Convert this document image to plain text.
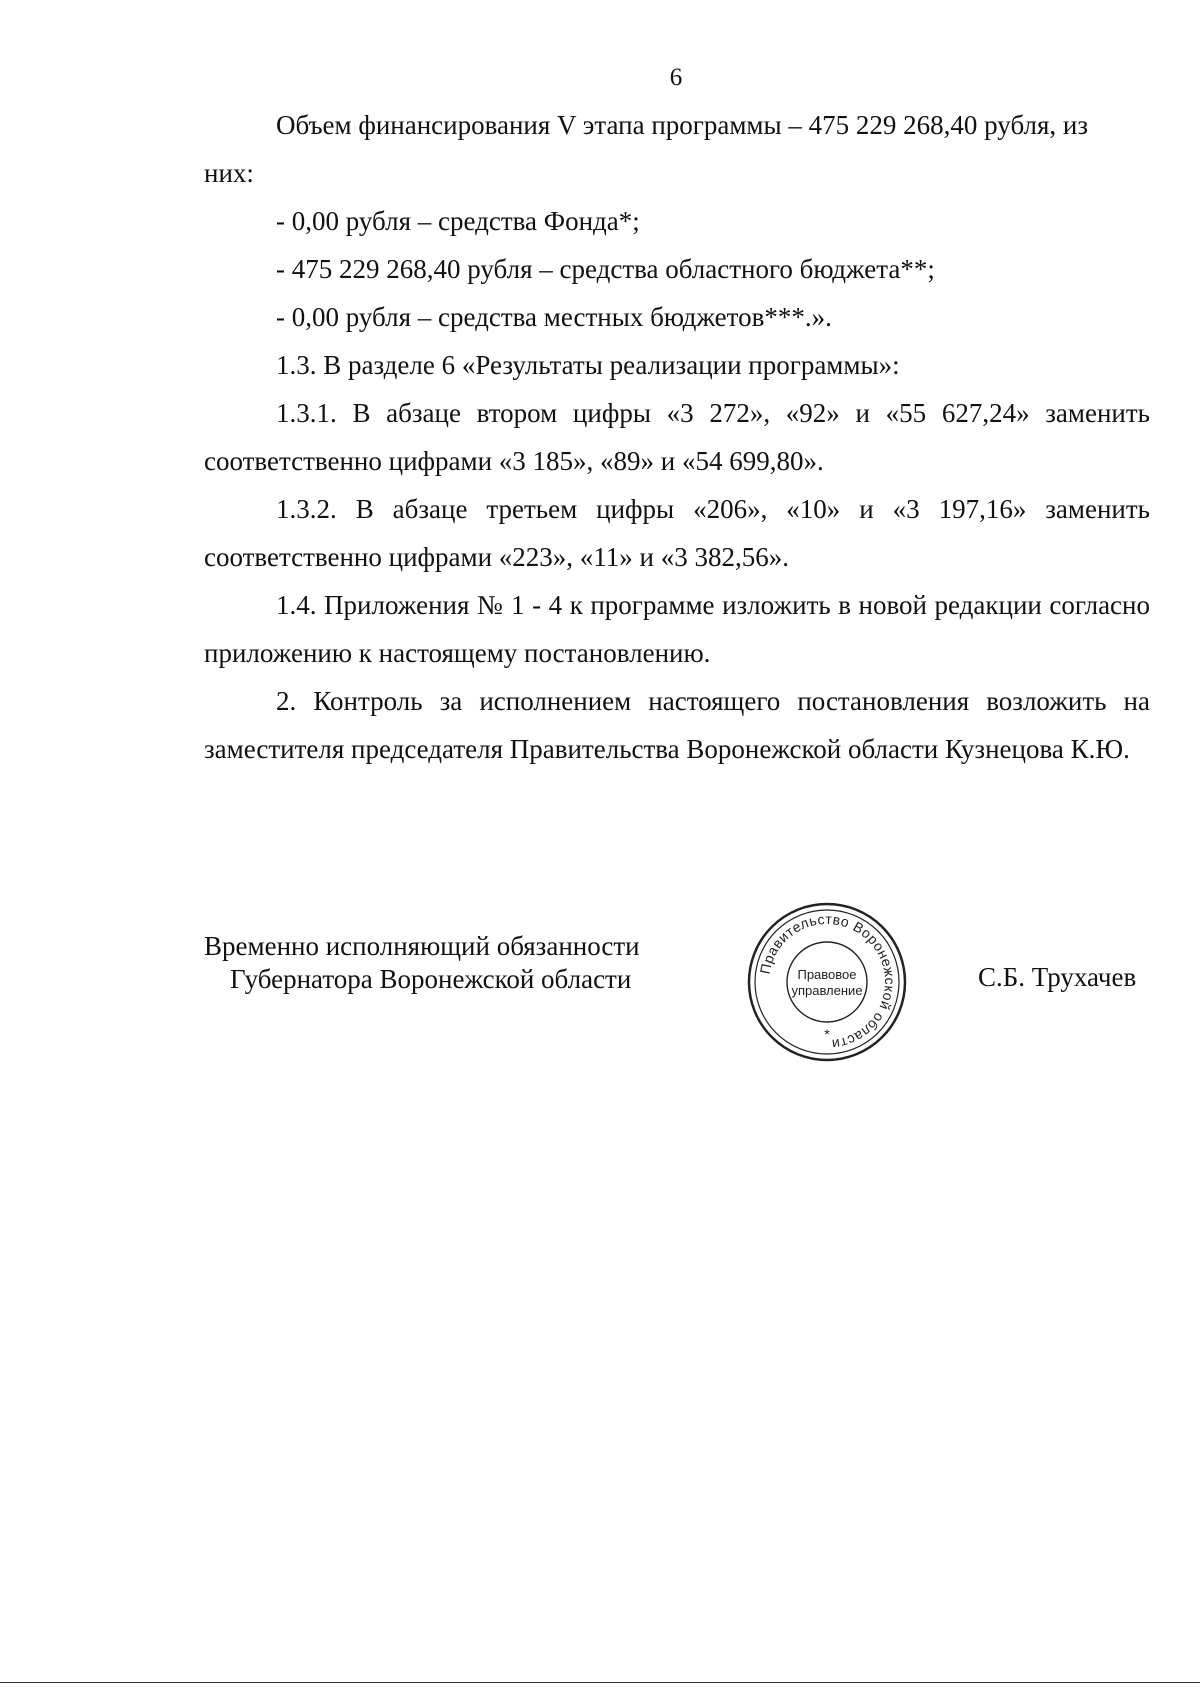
6

Объем финансирования V этапа программы – 475 229 268,40 рубля, из

них:

- 0,00 рубля – средства Фонда*;

- 475 229 268,40 рубля – средства областного бюджета**;

- 0,00 рубля – средства местных бюджетов***.».

1.3. В разделе 6 «Результаты реализации программы»:

1.3.1. В абзаце втором цифры «3 272», «92» и «55 627,24» заменить соответственно цифрами «3 185», «89» и «54 699,80».

1.3.2. В абзаце третьем цифры «206», «10» и «3 197,16» заменить соответственно цифрами «223», «11» и «3 382,56».

1.4. Приложения № 1 - 4 к программе изложить в новой редакции согласно приложению к настоящему постановлению.

2. Контроль за исполнением настоящего постановления возложить на заместителя председателя Правительства Воронежской области Кузнецова К.Ю.

Временно исполняющий обязанности
Губернатора Воронежской области	Правительство Воронежской области
Правовое
управление
*
С.Б. Трухачев
